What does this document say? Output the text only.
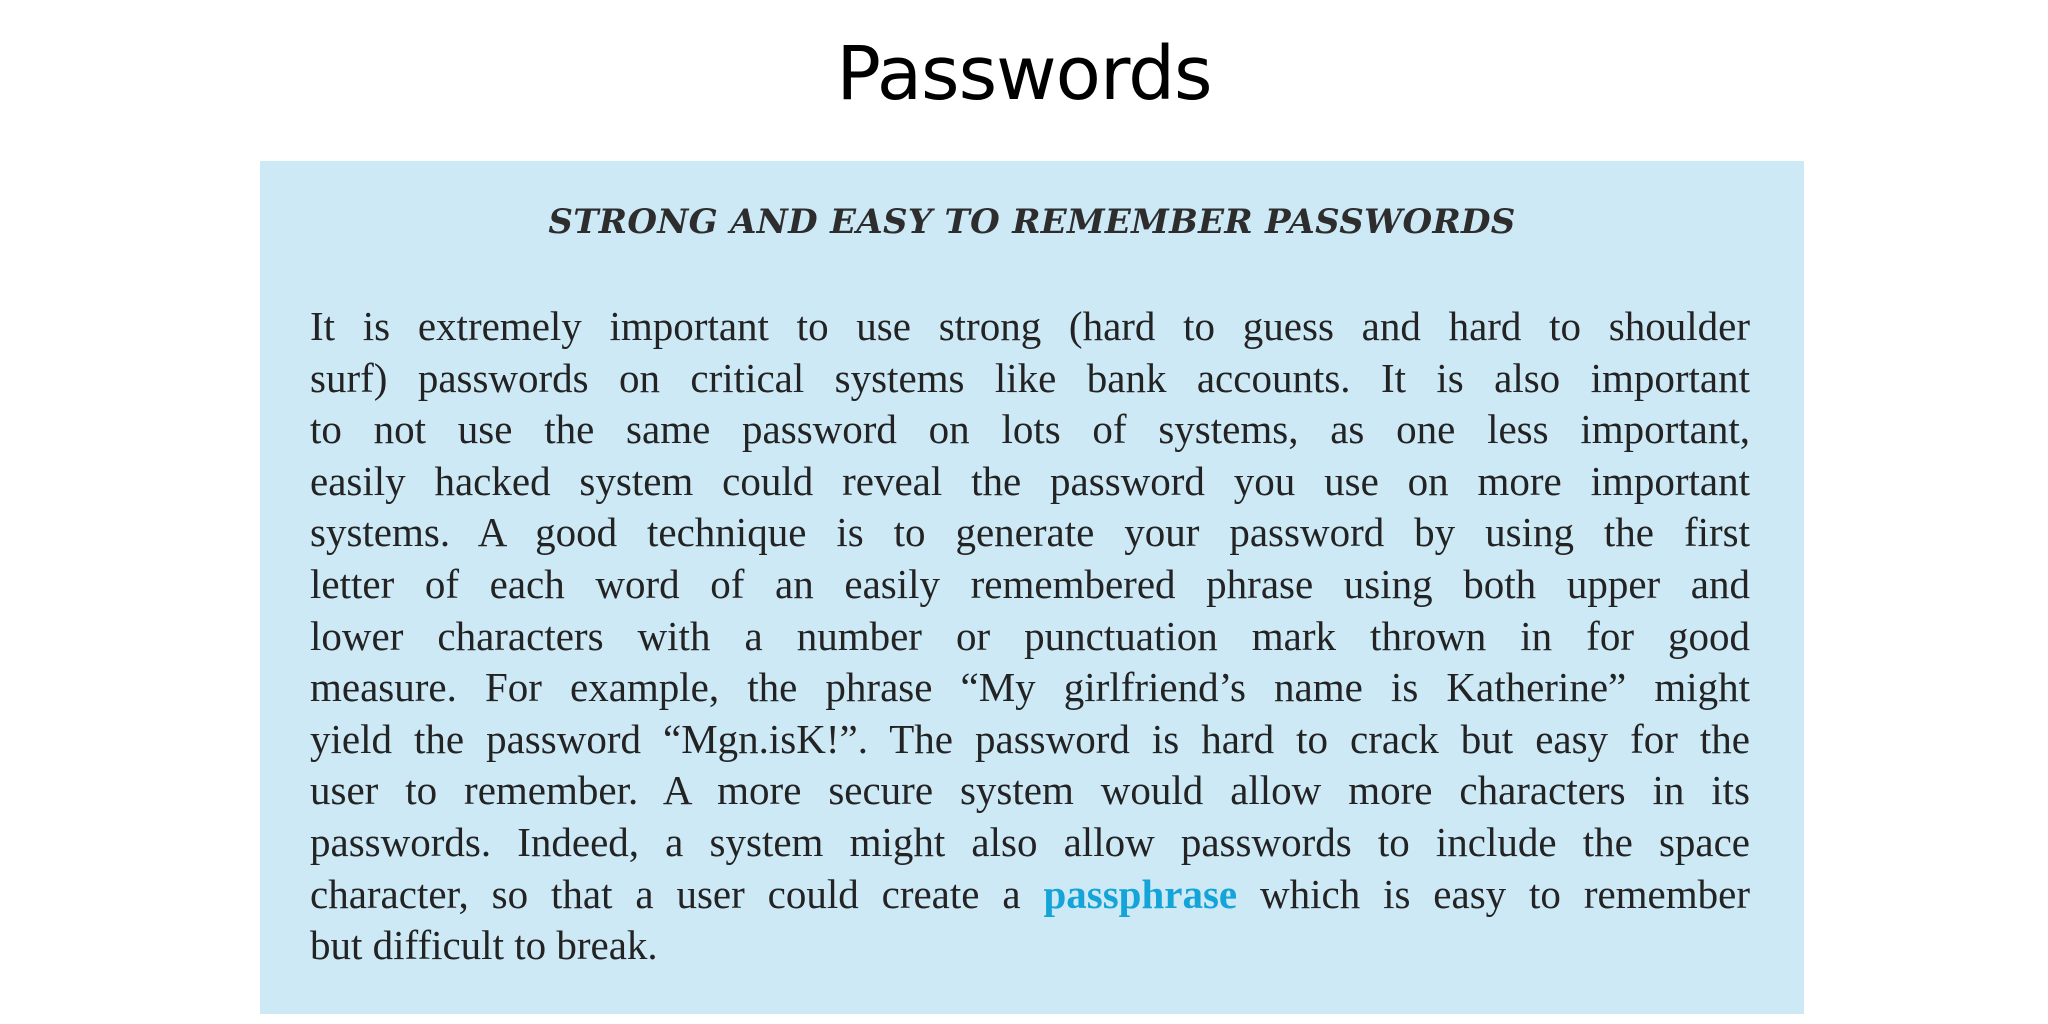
Passwords
STRONG AND EASY TO REMEMBER PASSWORDS
It is extremely important to use strong (hard to guess and hard to shoulder
surf) passwords on critical systems like bank accounts. It is also important
to not use the same password on lots of systems, as one less important,
easily hacked system could reveal the password you use on more important
systems. A good technique is to generate your password by using the first
letter of each word of an easily remembered phrase using both upper and
lower characters with a number or punctuation mark thrown in for good
measure. For example, the phrase “My girlfriend’s name is Katherine” might
yield the password “Mgn.isK!”. The password is hard to crack but easy for the
user to remember. A more secure system would allow more characters in its
passwords. Indeed, a system might also allow passwords to include the space
character, so that a user could create a passphrase which is easy to remember
but difficult to break.
